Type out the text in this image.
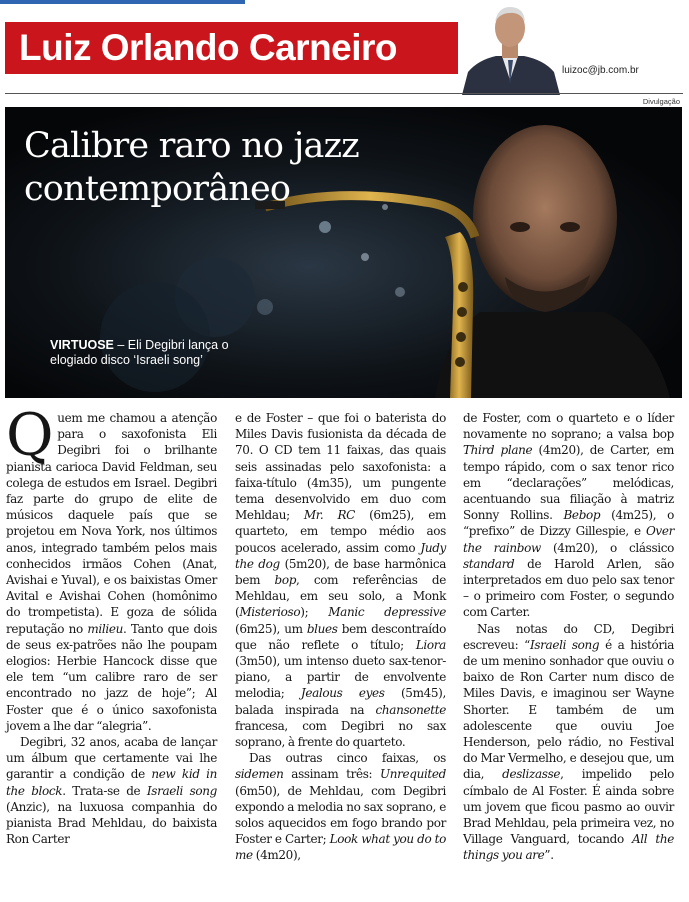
Luiz Orlando Carneiro
luizoc@jb.com.br
Divulgação
Calibre raro no jazz
contemporâneo
VIRTUOSE – Eli Degibri lança o elogiado disco ‘Israeli song’

Quem me chamou a atenção para o saxofonista Eli Degibri foi o brilhante pianista carioca David Feldman, seu colega de estudos em Israel. Degibri faz parte do grupo de elite de músicos daquele país que se projetou em Nova York, nos últimos anos, integrado também pelos mais conhecidos irmãos Cohen (Anat, Avishai e Yuval), e os baixistas Omer Avital e Avishai Cohen (homônimo do trompetista). E goza de sólida reputação no milieu. Tanto que dois de seus ex-patrões não lhe poupam elogios: Herbie Hancock disse que ele tem “um calibre raro de ser encontrado no jazz de hoje”; Al Foster que é o único saxofonista jovem a lhe dar “alegria”.

Degibri, 32 anos, acaba de lançar um álbum que certamente vai lhe garantir a condição de new kid in the block. Trata-se de Israeli song (Anzic), na luxuosa companhia do pianista Brad Mehldau, do baixista Ron Carter

e de Foster – que foi o baterista do Miles Davis fusionista da década de 70. O CD tem 11 faixas, das quais seis assinadas pelo saxofonista: a faixa-título (4m35), um pungente tema desenvolvido em duo com Mehldau; Mr. RC (6m25), em quarteto, em tempo médio aos poucos acelerado, assim como Judy the dog (5m20), de base harmônica bem bop, com referências de Mehldau, em seu solo, a Monk (Misterioso); Manic depressive (6m25), um blues bem descontraído que não reflete o título; Liora (3m50), um intenso dueto sax-tenor-piano, a partir de envolvente melodia; Jealous eyes (5m45), balada inspirada na chansonette francesa, com Degibri no sax soprano, à frente do quarteto.

Das outras cinco faixas, os sidemen assinam três: Unrequited (6m50), de Mehldau, com Degibri expondo a melodia no sax soprano, e solos aquecidos em fogo brando por Foster e Carter; Look what you do to me (4m20),

de Foster, com o quarteto e o líder novamente no soprano; a valsa bop Third plane (4m20), de Carter, em tempo rápido, com o sax tenor rico em “declarações” melódicas, acentuando sua filiação à matriz Sonny Rollins. Bebop (4m25), o “prefixo” de Dizzy Gillespie, e Over the rainbow (4m20), o clássico standard de Harold Arlen, são interpretados em duo pelo sax tenor – o primeiro com Foster, o segundo com Carter.

Nas notas do CD, Degibri escreveu: “Israeli song é a história de um menino sonhador que ouviu o baixo de Ron Carter num disco de Miles Davis, e imaginou ser Wayne Shorter. E também de um adolescente que ouviu Joe Henderson, pelo rádio, no Festival do Mar Vermelho, e desejou que, um dia, deslizasse, impelido pelo címbalo de Al Foster. É ainda sobre um jovem que ficou pasmo ao ouvir Brad Mehldau, pela primeira vez, no Village Vanguard, tocando All the things you are”.
